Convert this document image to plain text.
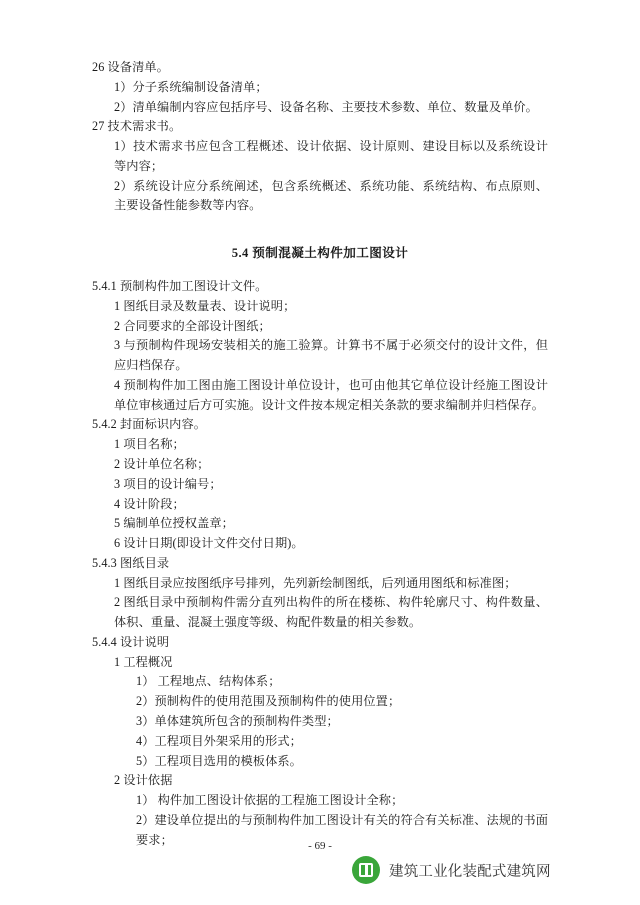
26 设备清单。

1）分子系统编制设备清单；

2）清单编制内容应包括序号、设备名称、主要技术参数、单位、数量及单价。

27 技术需求书。

1）技术需求书应包含工程概述、设计依据、设计原则、建设目标以及系统设计等内容；

2）系统设计应分系统阐述，包含系统概述、系统功能、系统结构、布点原则、主要设备性能参数等内容。

5.4 预制混凝土构件加工图设计

5.4.1 预制构件加工图设计文件。

1 图纸目录及数量表、设计说明；

2 合同要求的全部设计图纸；

3 与预制构件现场安装相关的施工验算。计算书不属于必须交付的设计文件，但应归档保存。

4 预制构件加工图由施工图设计单位设计，也可由他其它单位设计经施工图设计单位审核通过后方可实施。设计文件按本规定相关条款的要求编制并归档保存。

5.4.2 封面标识内容。

1 项目名称；

2 设计单位名称；

3 项目的设计编号；

4 设计阶段；

5 编制单位授权盖章；

6 设计日期(即设计文件交付日期)。

5.4.3 图纸目录

1 图纸目录应按图纸序号排列，先列新绘制图纸，后列通用图纸和标准图；

2 图纸目录中预制构件需分直列出构件的所在楼栋、构件轮廓尺寸、构件数量、体积、重量、混凝土强度等级、构配件数量的相关参数。

5.4.4 设计说明

1 工程概况

1） 工程地点、结构体系；

2）预制构件的使用范围及预制构件的使用位置；

3）单体建筑所包含的预制构件类型；

4）工程项目外架采用的形式；

5）工程项目选用的模板体系。

2 设计依据

1） 构件加工图设计依据的工程施工图设计全称；

2）建设单位提出的与预制构件加工图设计有关的符合有关标准、法规的书面要求；	- 69 -
建筑工业化装配式建筑网
